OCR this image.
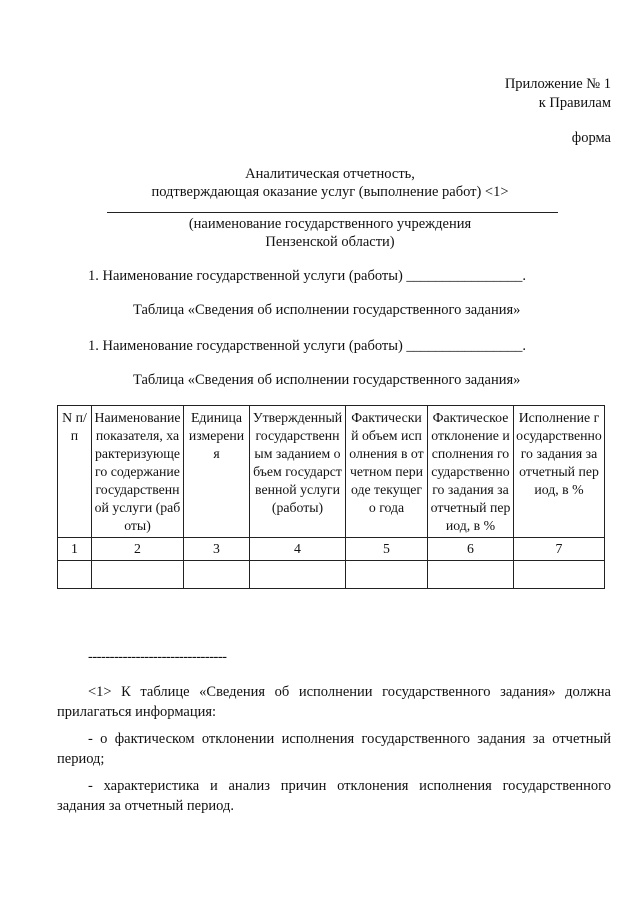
Приложение № 1
к Правилам
форма
Аналитическая отчетность,
подтверждающая оказание услуг (выполнение работ) <1>
(наименование государственного учреждения
Пензенской области)
1. Наименование государственной услуги (работы) ________________.
Таблица «Сведения об исполнении государственного задания»
1. Наименование государственной услуги (работы) ________________.
Таблица «Сведения об исполнении государственного задания»
N п/п	Наименование показателя, характеризующего содержание государственной услуги (работы)	Единица измерения	Утвержденный государственным заданием объем государственной услуги (работы)	Фактический объем исполнения в отчетном периоде текущего года	Фактическое отклонение исполнения государственного задания за отчетный период, в %	Исполнение государственного задания за отчетный период, в %
1	2	3	4	5	6	7

--------------------------------
<1> К таблице «Сведения об исполнении государственного задания» должна прилагаться информация:
- о фактическом отклонении исполнения государственного задания за отчетный период;
- характеристика и анализ причин отклонения исполнения государственного задания за отчетный период.
